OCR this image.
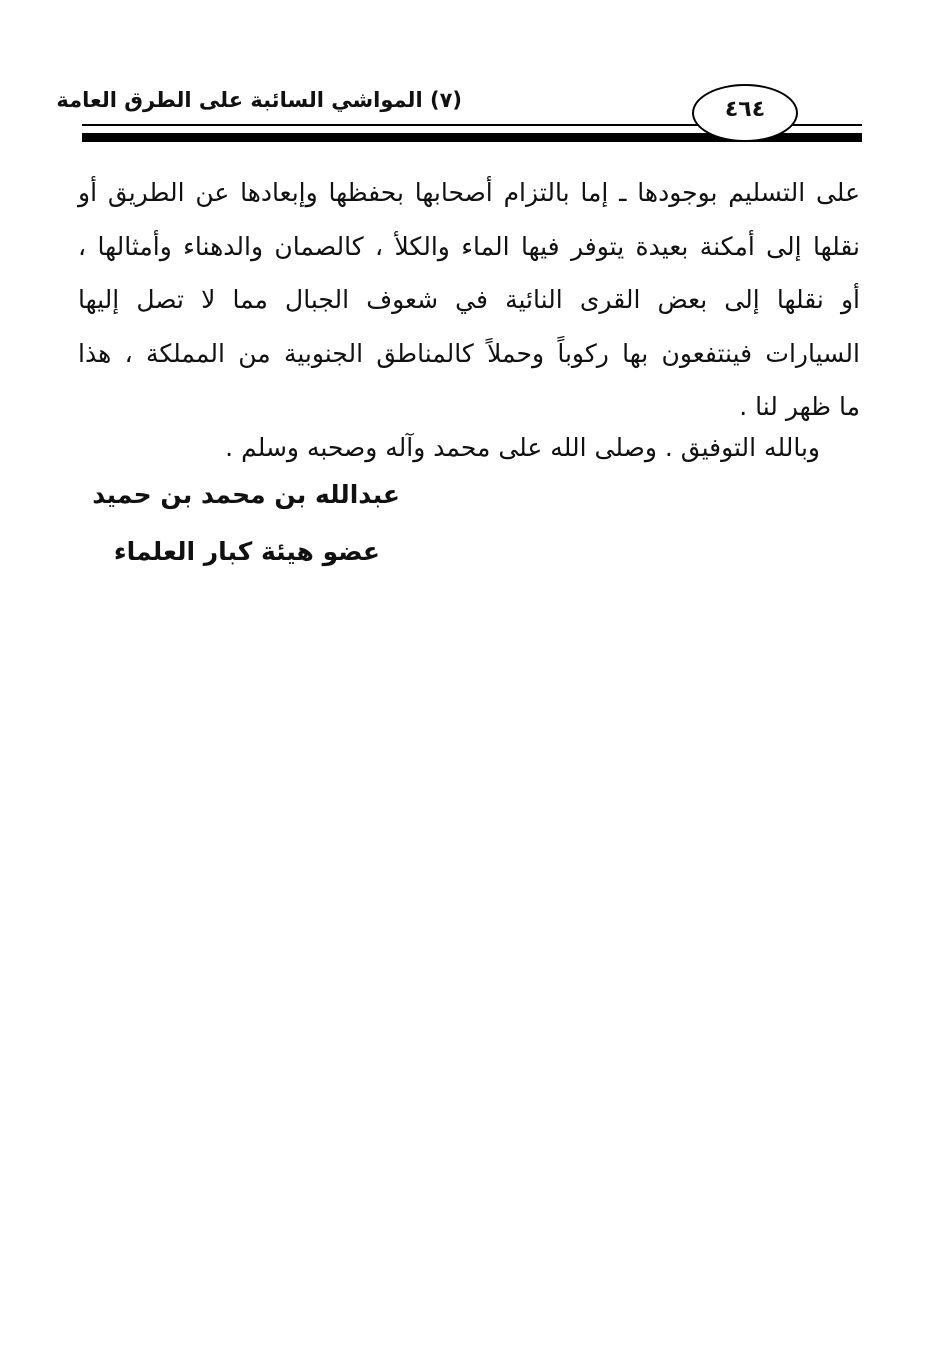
(٧) المواشي السائبة على الطرق العامة	٤٦٤
على التسليم بوجودها ـ إما بالتزام أصحابها بحفظها وإبعادها عن الطريق أو
نقلها إلى أمكنة بعيدة يتوفر فيها الماء والكلأ ، كالصمان والدهناء وأمثالها ،
أو نقلها إلى بعض القرى النائية في شعوف الجبال مما لا تصل إليها
السيارات فينتفعون بها ركوباً وحملاً كالمناطق الجنوبية من المملكة ، هذا
ما ظهر لنا .
وبالله التوفيق . وصلى الله على محمد وآله وصحبه وسلم .
عبدالله بن محمد بن حميد
عضو هيئة كبار العلماء
